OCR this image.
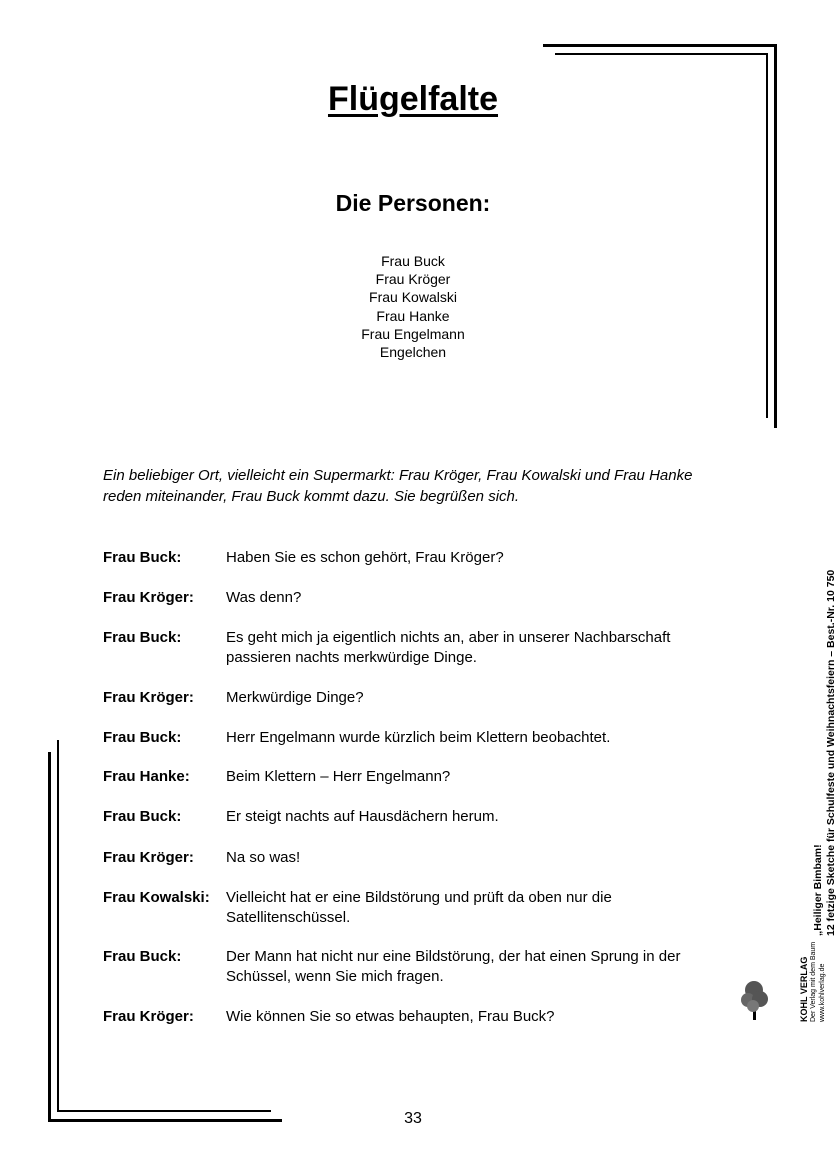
Flügelfalte
Die Personen:
Frau Buck
Frau Kröger
Frau Kowalski
Frau Hanke
Frau Engelmann
Engelchen

Ein beliebiger Ort, vielleicht ein Supermarkt: Frau Kröger, Frau Kowalski und Frau Hanke reden miteinander, Frau Buck kommt dazu. Sie begrüßen sich.

Frau Buck:	Haben Sie es schon gehört, Frau Kröger?
Frau Kröger: Was denn?
Frau Buck:	Es geht mich ja eigentlich nichts an, aber in unserer Nachbarschaft passieren nachts merkwürdige Dinge.
Frau Kröger: Merkwürdige Dinge?
Frau Buck:	Herr Engelmann wurde kürzlich beim Klettern beobachtet.
Frau Hanke: Beim Klettern – Herr Engelmann?
Frau Buck:	Er steigt nachts auf Hausdächern herum.
Frau Kröger: Na so was!
Frau Kowalski: Vielleicht hat er eine Bildstörung und prüft da oben nur die Satellitenschüssel.
Frau Buck:	Der Mann hat nicht nur eine Bildstörung, der hat einen Sprung in der Schüssel, wenn Sie mich fragen.
Frau Kröger: Wie können Sie so etwas behaupten, Frau Buck?
33
„Heiliger Bimbam! 12 fetzige Sketche für Schulfeste und Weihnachtsfeiern – Best.-Nr. 10 750
KOHL VERLAG Der Verlag mit dem Baum www.kohlverlag.de
